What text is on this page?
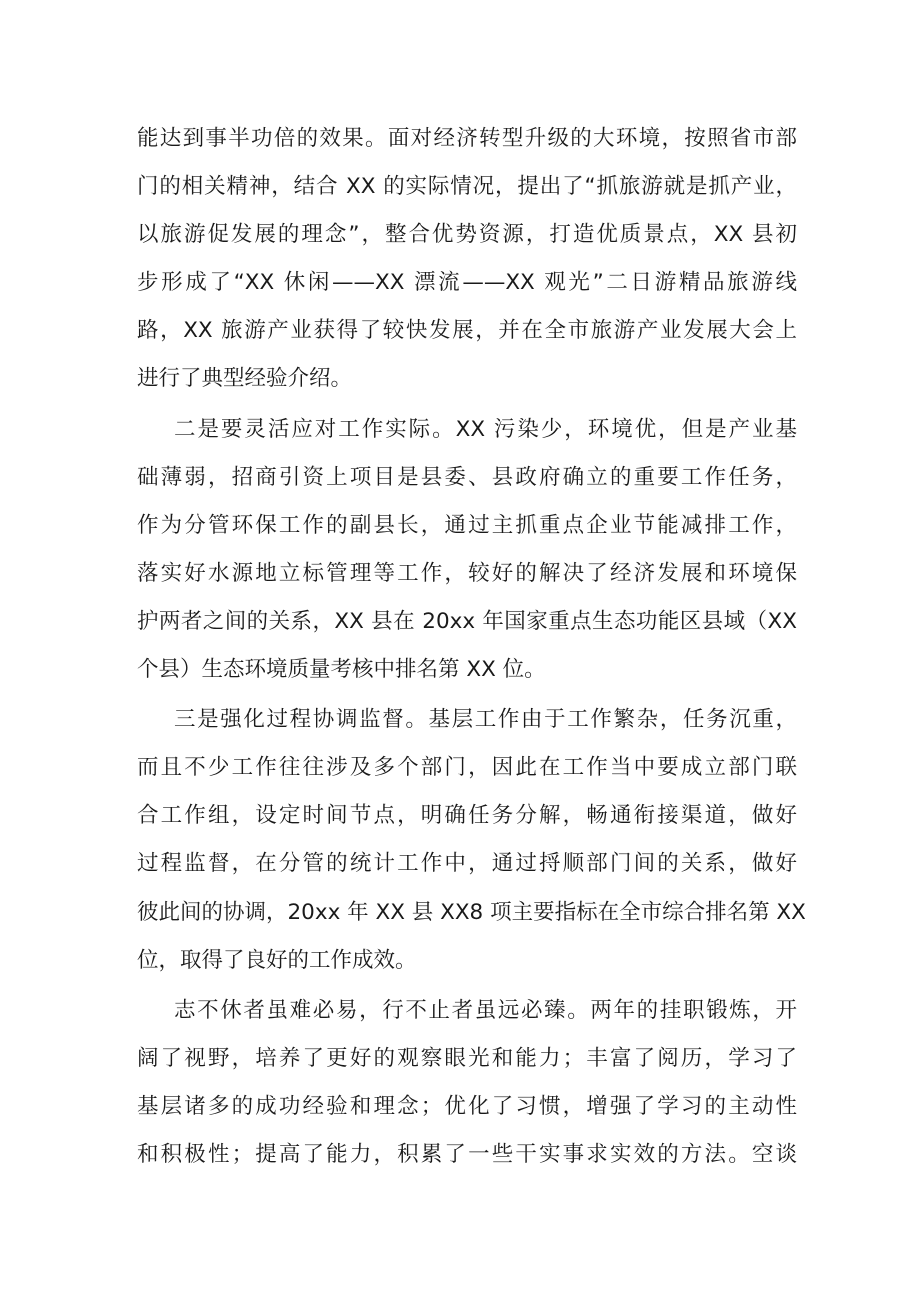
能达到事半功倍的效果。面对经济转型升级的大环境，按照省市部
门的相关精神，结合 XX 的实际情况，提出了“抓旅游就是抓产业，
以旅游促发展的理念”，整合优势资源，打造优质景点，XX 县初
步形成了“XX 休闲——XX 漂流——XX 观光”二日游精品旅游线
路，XX 旅游产业获得了较快发展，并在全市旅游产业发展大会上
进行了典型经验介绍。
二是要灵活应对工作实际。XX 污染少，环境优，但是产业基
础薄弱，招商引资上项目是县委、县政府确立的重要工作任务，
作为分管环保工作的副县长，通过主抓重点企业节能减排工作，
落实好水源地立标管理等工作，较好的解决了经济发展和环境保
护两者之间的关系，XX 县在 20xx 年国家重点生态功能区县域（XX
个县）生态环境质量考核中排名第 XX 位。
三是强化过程协调监督。基层工作由于工作繁杂，任务沉重，
而且不少工作往往涉及多个部门，因此在工作当中要成立部门联
合工作组，设定时间节点，明确任务分解，畅通衔接渠道，做好
过程监督，在分管的统计工作中，通过捋顺部门间的关系，做好
彼此间的协调，20xx 年 XX 县 XX8 项主要指标在全市综合排名第 XX
位，取得了良好的工作成效。
志不休者虽难必易，行不止者虽远必臻。两年的挂职锻炼，开
阔了视野，培养了更好的观察眼光和能力；丰富了阅历，学习了
基层诸多的成功经验和理念；优化了习惯，增强了学习的主动性
和积极性；提高了能力，积累了一些干实事求实效的方法。空谈
